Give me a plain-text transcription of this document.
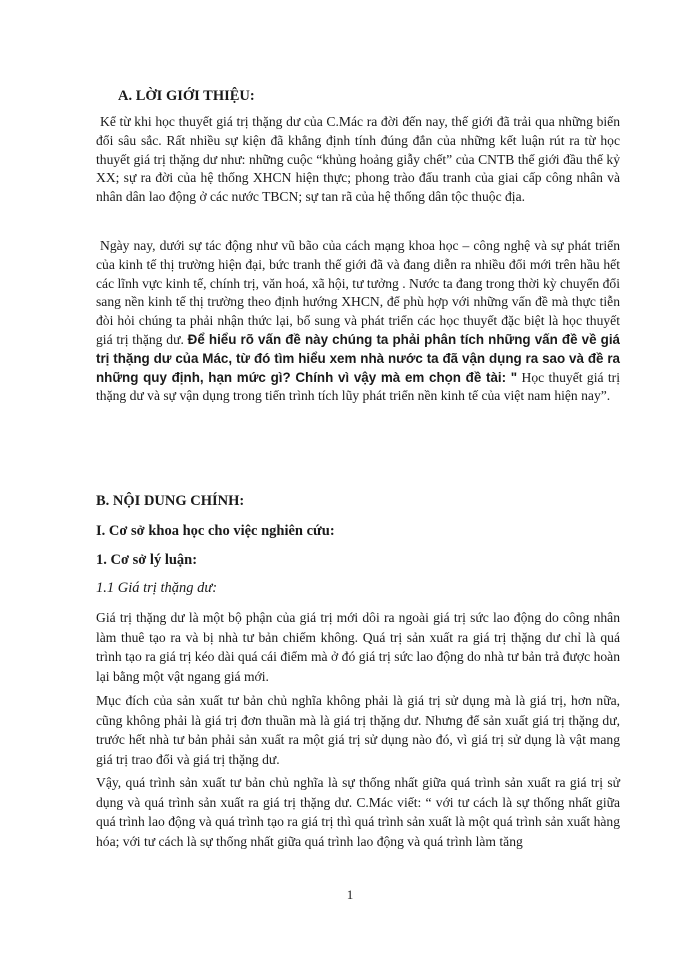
A. LỜI GIỚI THIỆU:

Kể từ khi học thuyết giá trị thặng dư của C.Mác ra đời đến nay, thế giới đã trải qua những biến đổi sâu sắc. Rất nhiều sự kiện đã khẳng định tính đúng đắn của những kết luận rút ra từ học thuyết giá trị thặng dư như: những cuộc “khủng hoảng giẫy chết” của CNTB thế giới đầu thế kỷ XX; sự ra đời của hệ thống XHCN hiện thực; phong trào đấu tranh của giai cấp công nhân và nhân dân lao động ở các nước TBCN; sự tan rã của hệ thống dân tộc thuộc địa.

Ngày nay, dưới sự tác động như vũ bão của cách mạng khoa học – công nghệ và sự phát triển của kinh tế thị trường hiện đại, bức tranh thế giới đã và đang diễn ra nhiều đổi mới trên hầu hết các lĩnh vực kinh tế, chính trị, văn hoá, xã hội, tư tưởng . Nước ta đang trong thời kỳ chuyển đổi sang nền kinh tế thị trường theo định hướng XHCN, để phù hợp với những vấn đề mà thực tiễn đòi hỏi chúng ta phải nhận thức lại, bổ sung và phát triển các học thuyết đặc biệt là học thuyết giá trị thặng dư. Để hiểu rõ vấn đề này chúng ta phải phân tích những vấn đề về giá trị thặng dư của Mác, từ đó tìm hiểu xem nhà nước ta đã vận dụng ra sao và đề ra những quy định, hạn mức gì? Chính vì vậy mà em chọn đề tài: " Học thuyết giá trị thặng dư và sự vận dụng trong tiến trình tích lũy phát triển nền kinh tế của việt nam hiện nay”.

B. NỘI DUNG CHÍNH:
I. Cơ sở khoa học cho việc nghiên cứu:
1. Cơ sở lý luận:
1.1 Giá trị thặng dư:

Giá trị thặng dư là một bộ phận của giá trị mới dôi ra ngoài giá trị sức lao động do công nhân làm thuê tạo ra và bị nhà tư bản chiếm không. Quá trị sản xuất ra giá trị thặng dư chỉ là quá trình tạo ra giá trị kéo dài quá cái điểm mà ở đó giá trị sức lao động do nhà tư bản trả được hoàn lại bằng một vật ngang giá mới.

Mục đích của sản xuất tư bản chủ nghĩa không phải là giá trị sử dụng mà là giá trị, hơn nữa, cũng không phải là giá trị đơn thuần mà là giá trị thặng dư. Nhưng để sản xuất giá trị thặng dư, trước hết nhà tư bản phải sản xuất ra một giá trị sử dụng nào đó, vì giá trị sử dụng là vật mang giá trị trao đổi và giá trị thặng dư.

Vậy, quá trình sản xuất tư bản chủ nghĩa là sự thống nhất giữa quá trình sản xuất ra giá trị sử dụng và quá trình sản xuất ra giá trị thặng dư. C.Mác viết: “ với tư cách là sự thống nhất giữa quá trình lao động và quá trình tạo ra giá trị thì quá trình sản xuất là một quá trình sản xuất hàng hóa; với tư cách là sự thống nhất giữa quá trình lao động và quá trình làm tăng

1
